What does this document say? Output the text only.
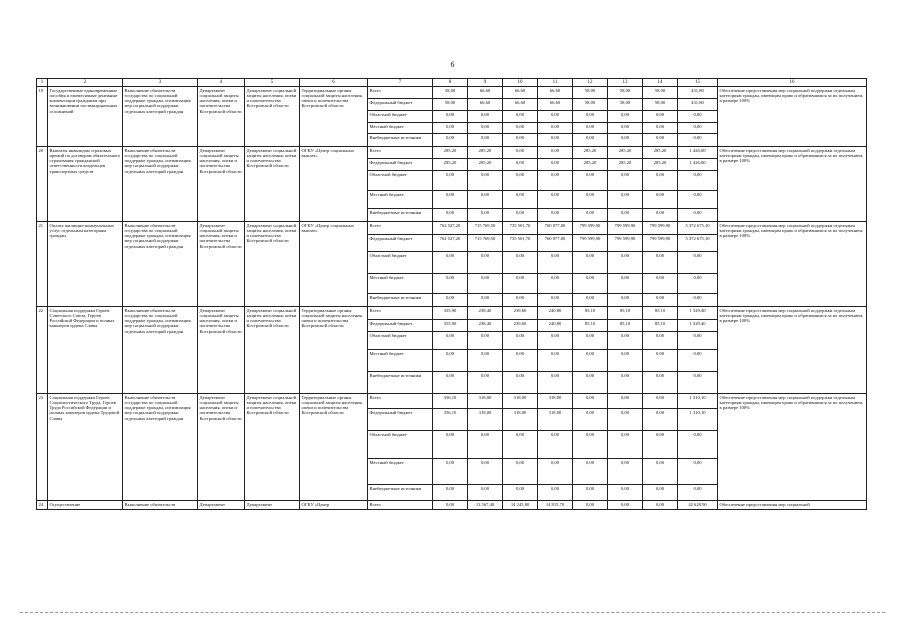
6
1	2	3	4	5	6	7	8	9	10	11	12	13	14	15	16
19	Государственные единовременные пособия и ежемесячные денежные компенсации гражданам при возникновении поствакцинальных осложнений	Выполнение обязательств государства по социальной поддержке граждан, оптимизация мер социальной поддержки отдельных категорий граждан	Департамент социальной защиты населения, опеки и попечительства Костромской области	Департамент социальной защиты населения, опеки и попечительства Костромской области	Территориальные органы социальной защиты населения, опеки и попечительства Костромской области	Всего	58,00	66,60	66,60	66,60	58,00	58,00	58,00	431,80	Обеспечение предоставления мер социальной поддержки отдельным категориям граждан, имеющим право и обратившимся за их получением, в размере 100%
						Федеральный бюджет	58,00	66,60	66,60	66,60	58,00	58,00	58,00	431,80	
						Областной бюджет	0,00	0,00	0,00	0,00	0,00	0,00	0,00	0,00	
						Местный бюджет	0,00	0,00	0,00	0,00	0,00	0,00	0,00	0,00	
						Внебюджетные источники	0,00	0,00	0,00	0,00	0,00	0,00	0,00	0,00	
20	Выплаты инвалидам страховых премий по договорам обязательного страхования гражданской ответственности владельцев транспортных средств	Выполнение обязательств государства по социальной поддержке граждан, оптимизация мер социальной поддержки отдельных категорий граждан	Департамент социальной защиты населения, опеки и попечительства Костромской области	Департамент социальной защиты населения, опеки и попечительства Костромской области	ОГКУ «Центр социальных выплат»	Всего	285,20	285,20	0,00	0,00	285,20	285,20	285,20	1 426,00	Обеспечение предоставления мер социальной поддержки отдельным категориям граждан, имеющим право и обратившимся за их получением, в размере 100%
						Федеральный бюджет	285,20	285,20	0,00	0,00	285,20	285,20	285,20	1 426,00	
						Областной бюджет	0,00	0,00	0,00	0,00	0,00	0,00	0,00	0,00	
						Местный бюджет	0,00	0,00	0,00	0,00	0,00	0,00	0,00	0,00	
						Внебюджетные источники	0,00	0,00	0,00	0,00	0,00	0,00	0,00	0,00	
21	Оплата жилищно-коммунальных услуг отдельным категориям граждан	Выполнение обязательств государства по социальной поддержке граждан, оптимизация мер социальной поддержки отдельных категорий граждан	Департамент социальной защиты населения, опеки и попечительства Костромской области	Департамент социальной защиты населения, опеки и попечительства Костромской области	ОГКУ «Центр социальных выплат»	Всего	762 527,20	715 769,50	735 501,70	760 077,00	799 599,90	799 599,90	799 599,90	5 372 675,10	Обеспечение предоставления мер социальной поддержки отдельным категориям граждан, имеющим право и обратившимся за их получением, в размере 100%
						Федеральный бюджет	762 527,20	715 769,50	735 501,70	760 077,00	799 599,90	799 599,90	799 599,90	5 372 675,10	
						Областной бюджет	0,00	0,00	0,00	0,00	0,00	0,00	0,00	0,00	
						Местный бюджет	0,00	0,00	0,00	0,00	0,00	0,00	0,00	0,00	
						Внебюджетные источники	0,00	0,00	0,00	0,00	0,00	0,00	0,00	0,00	
22	Социальная поддержка Героев Советского Союза, Героев Российской Федерации и полных кавалеров ордена Славы	Выполнение обязательств государства по социальной поддержке граждан, оптимизация мер социальной поддержки отдельных категорий граждан	Департамент социальной защиты населения, опеки и попечительства Костромской области	Департамент социальной защиты населения, опеки и попечительства Костромской области	Территориальные органы социальной защиты населения, опеки и попечительства Костромской области	Всего	355,90	238,40	239,60	240,80	85,10	85,10	85,10	1 329,40	Обеспечение предоставления мер социальной поддержки отдельным категориям граждан, имеющим право и обратившимся за их получением, в размере 100%
						Федеральный бюджет	355,90	238,40	239,60	240,80	85,10	85,10	85,10	1 329,40	
						Областной бюджет	0,00	0,00	0,00	0,00	0,00	0,00	0,00	0,00	
						Местный бюджет	0,00	0,00	0,00	0,00	0,00	0,00	0,00	0,00	
						Внебюджетные источники	0,00	0,00	0,00	0,00	0,00	0,00	0,00	0,00	
23	Социальная поддержка Героев Социалистического Труда, Героев Труда Российской Федерации и полных кавалеров ордена Трудовой Славы	Выполнение обязательств государства по социальной поддержке граждан, оптимизация мер социальной поддержки отдельных категорий граждан	Департамент социальной защиты населения, опеки и попечительства Костромской области	Департамент социальной защиты населения, опеки и попечительства Костромской области	Территориальные органы социальной защиты населения, опеки и попечительства Костромской области	Всего	356,10	318,00	318,00	318,00	0,00	0,00	0,00	1 310,10	Обеспечение предоставления мер социальной поддержки отдельным категориям граждан, имеющим право и обратившимся за их получением, в размере 100%
						Федеральный бюджет	356,10	318,00	318,00	318,00	0,00	0,00	0,00	1 310,10	
						Областной бюджет	0,00	0,00	0,00	0,00	0,00	0,00	0,00	0,00	
						Местный бюджет	0,00	0,00	0,00	0,00	0,00	0,00	0,00	0,00	
						Внебюджетные источники	0,00	0,00	0,00	0,00	0,00	0,00	0,00	0,00	
24	Осуществление	Выполнение обязательств	Департамент	Департамент	ОГКУ «Центр	Всего	0,00	13 567,40	14 245,80	14 815,70	0,00	0,00	0,00	42 628,90	Обеспечение предоставления мер социальной
